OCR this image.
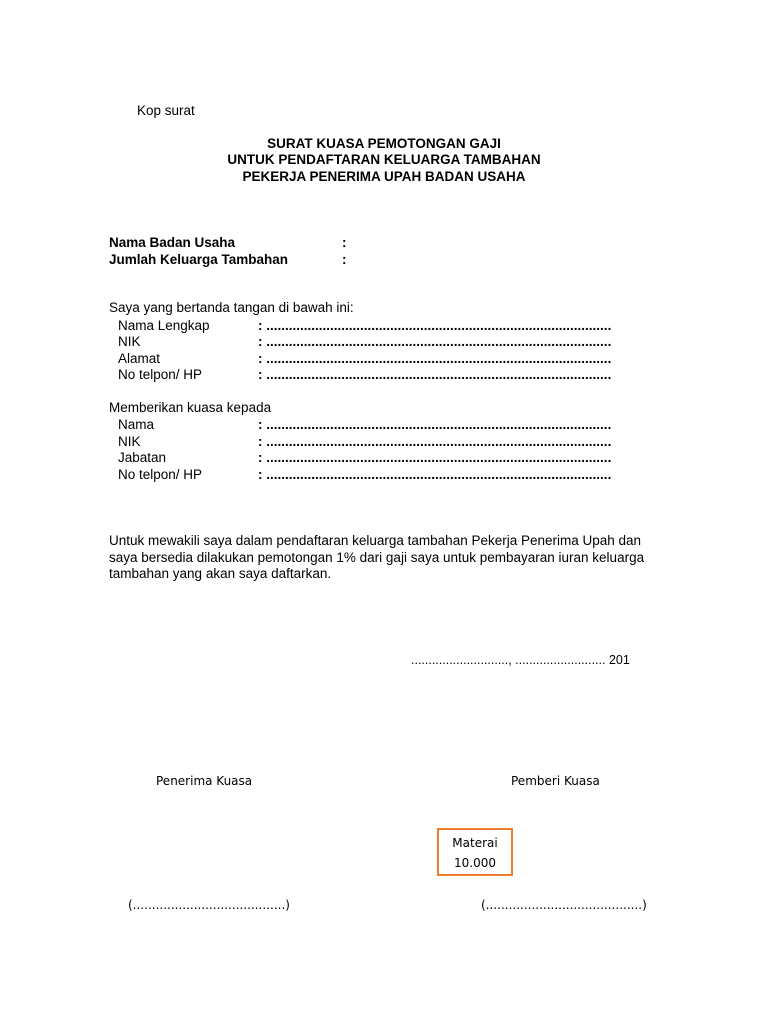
Kop surat
SURAT KUASA PEMOTONGAN GAJI
UNTUK PENDAFTARAN KELUARGA TAMBAHAN
PEKERJA PENERIMA UPAH BADAN USAHA
Nama Badan Usaha	:
Jumlah Keluarga Tambahan	:
Saya yang bertanda tangan di bawah ini:
Nama Lengkap	: ............................................................................................
NIK	: ............................................................................................
Alamat	: ............................................................................................
No telpon/ HP	: ............................................................................................
Memberikan kuasa kepada
Nama	: ............................................................................................
NIK	: ............................................................................................
Jabatan	: ............................................................................................
No telpon/ HP	: ............................................................................................
Untuk mewakili saya dalam pendaftaran keluarga tambahan Pekerja Penerima Upah dan saya bersedia dilakukan pemotongan 1% dari gaji saya untuk pembayaran iuran keluarga tambahan yang akan saya daftarkan.
............................, .......................... 201
Penerima Kuasa	Pemberi Kuasa
Materai
10.000
(........................................)	(.........................................)
